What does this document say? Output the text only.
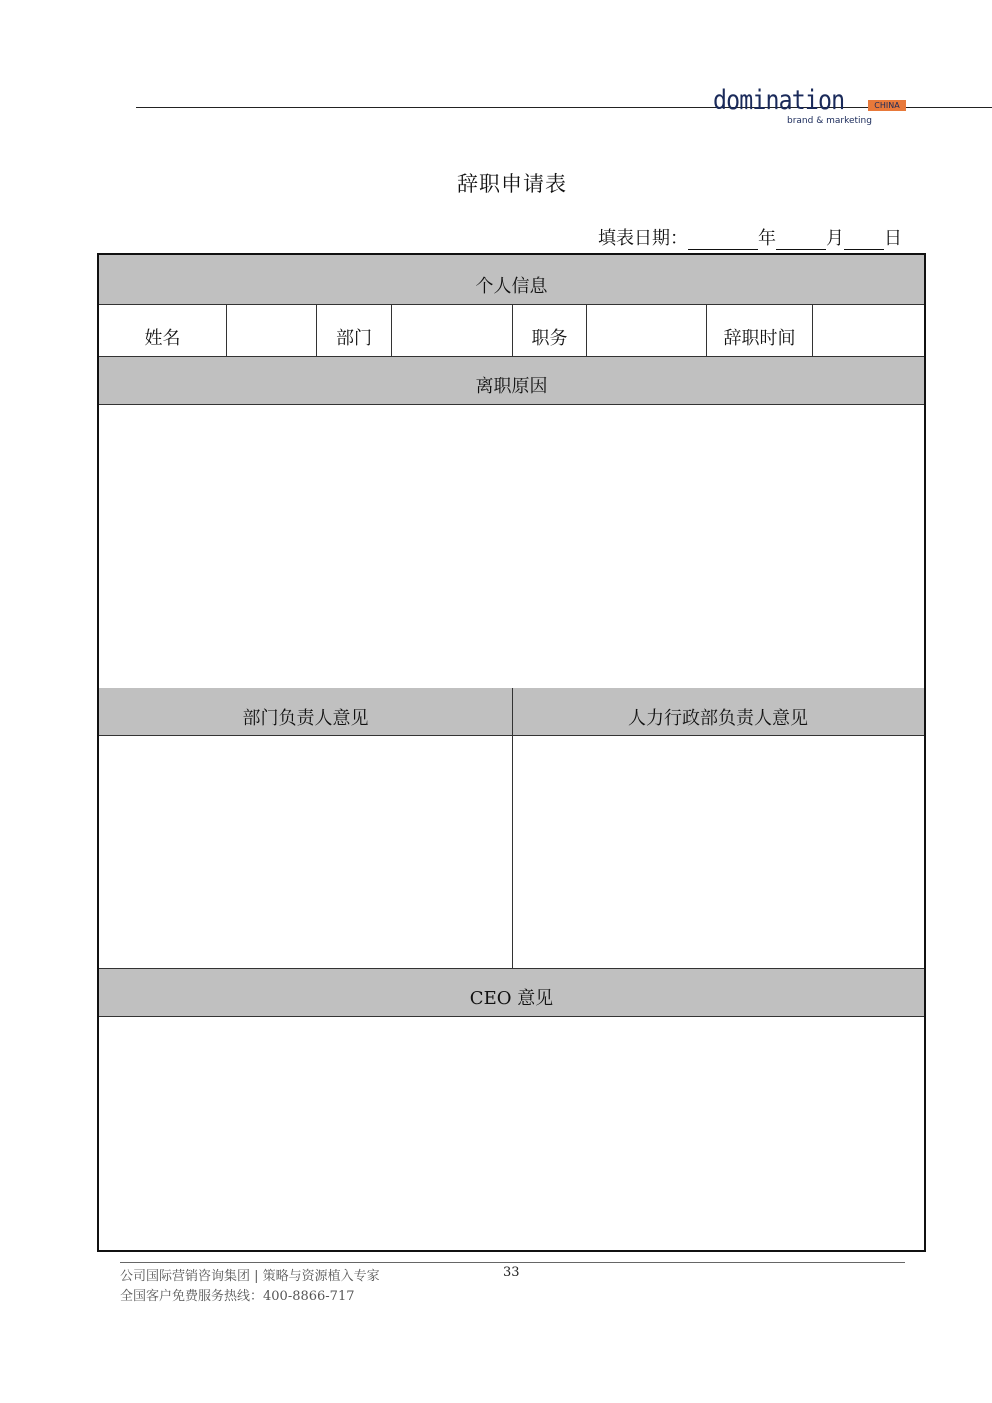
domination	CHINA
brand & marketing
辞职申请表
填表日期：	年	月 日
个人信息
姓名	部门	职务	辞职时间
离职原因
部门负责人意见	人力行政部负责人意见
CEO 意见
公司国际营销咨询集团 | 策略与资源植入专家
全国客户免费服务热线：400-8866-717
33
